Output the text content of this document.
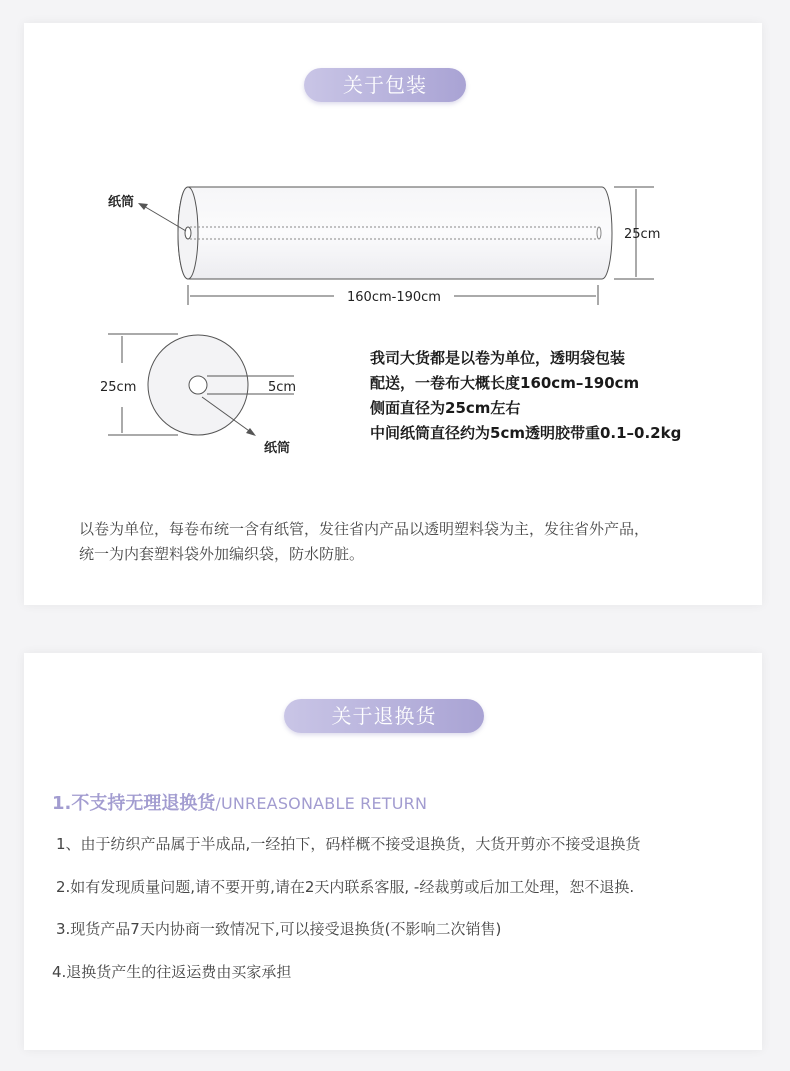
关于包装
纸筒
25cm
160cm-190cm
25cm	5cm
纸筒
我司大货都是以卷为单位，透明袋包装
配送，一卷布大概长度160cm–190cm
侧面直径为25cm左右
中间纸筒直径约为5cm透明胶带重0.1–0.2kg
以卷为单位，每卷布统一含有纸管，发往省内产品以透明塑料袋为主，发往省外产品，
统一为内套塑料袋外加编织袋，防水防脏。
关于退换货
1.不支持无理退换货/UNREASONABLE RETURN
1、由于纺织产品属于半成品,一经拍下，码样概不接受退换货，大货开剪亦不接受退换货
2.如有发现质量问题,请不要开剪,请在2天内联系客服, -经裁剪或后加工处理，恕不退换.
3.现货产品7天内协商一致情况下,可以接受退换货(不影响二次销售)
4.退换货产生的往返运费由买家承担
